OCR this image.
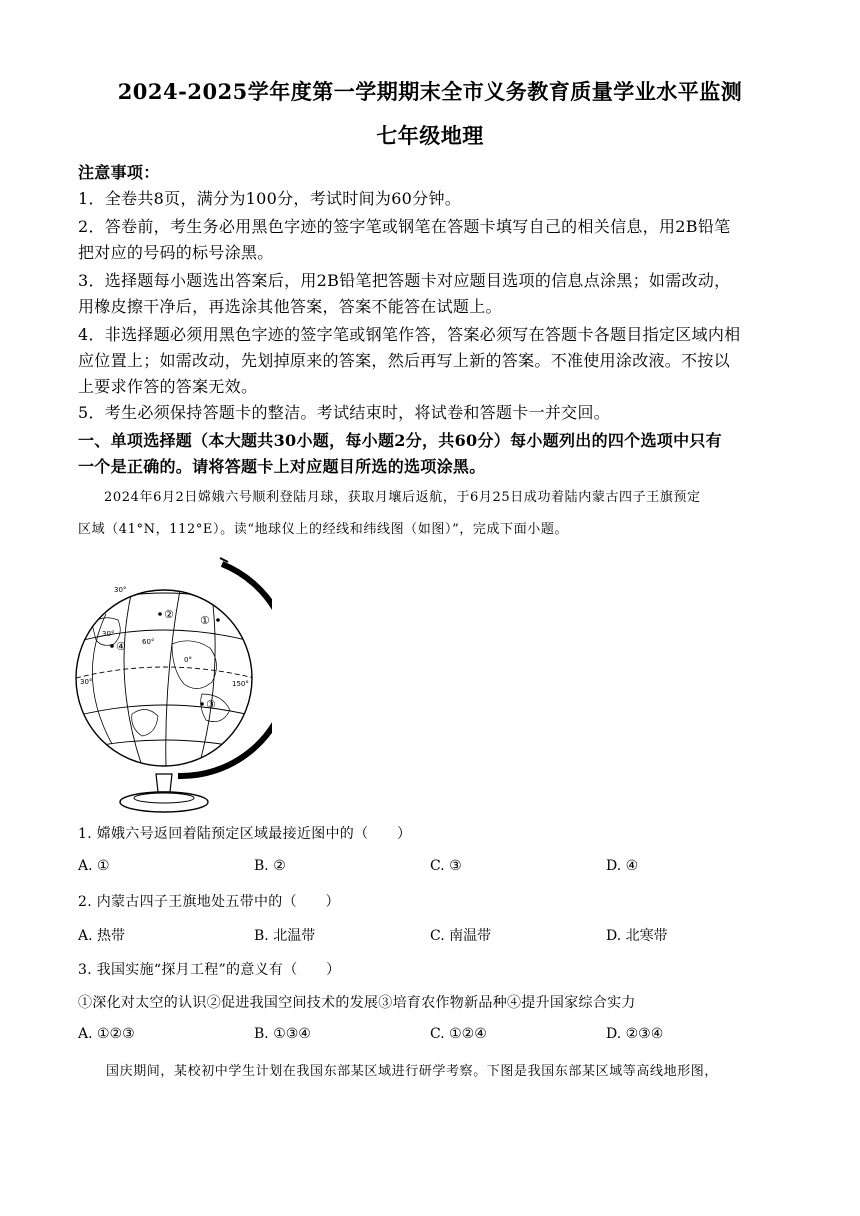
2024-2025学年度第一学期期末全市义务教育质量学业水平监测
七年级地理
注意事项：
1．全卷共8页，满分为100分，考试时间为60分钟。
2．答卷前，考生务必用黑色字迹的签字笔或钢笔在答题卡填写自己的相关信息，用2B铅笔
把对应的号码的标号涂黑。
3．选择题每小题选出答案后，用2B铅笔把答题卡对应题目选项的信息点涂黑；如需改动，
用橡皮擦干净后，再选涂其他答案，答案不能答在试题上。
4．非选择题必须用黑色字迹的签字笔或钢笔作答，答案必须写在答题卡各题目指定区域内相
应位置上；如需改动，先划掉原来的答案，然后再写上新的答案。不准使用涂改液。不按以
上要求作答的答案无效。
5．考生必须保持答题卡的整洁。考试结束时，将试卷和答题卡一并交回。
一、单项选择题（本大题共30小题，每小题2分，共60分）每小题列出的四个选项中只有
一个是正确的。请将答题卡上对应题目所选的选项涂黑。
2024年6月2日嫦娥六号顺利登陆月球，获取月壤后返航，于6月25日成功着陆内蒙古四子王旗预定
区域（41°N，112°E）。读“地球仪上的经线和纬线图（如图）”，完成下面小题。
①
②
③
④
30°
30°
30°
60°
0°
150°
1. 嫦娥六号返回着陆预定区域最接近图中的（　　）
A. ①	B. ②	C. ③	D. ④
2. 内蒙古四子王旗地处五带中的（　　）
A. 热带	B. 北温带	C. 南温带	D. 北寒带
3. 我国实施“探月工程”的意义有（　　）
①深化对太空的认识②促进我国空间技术的发展③培育农作物新品种④提升国家综合实力
A. ①②③	B. ①③④	C. ①②④	D. ②③④
国庆期间，某校初中学生计划在我国东部某区域进行研学考察。下图是我国东部某区域等高线地形图，
